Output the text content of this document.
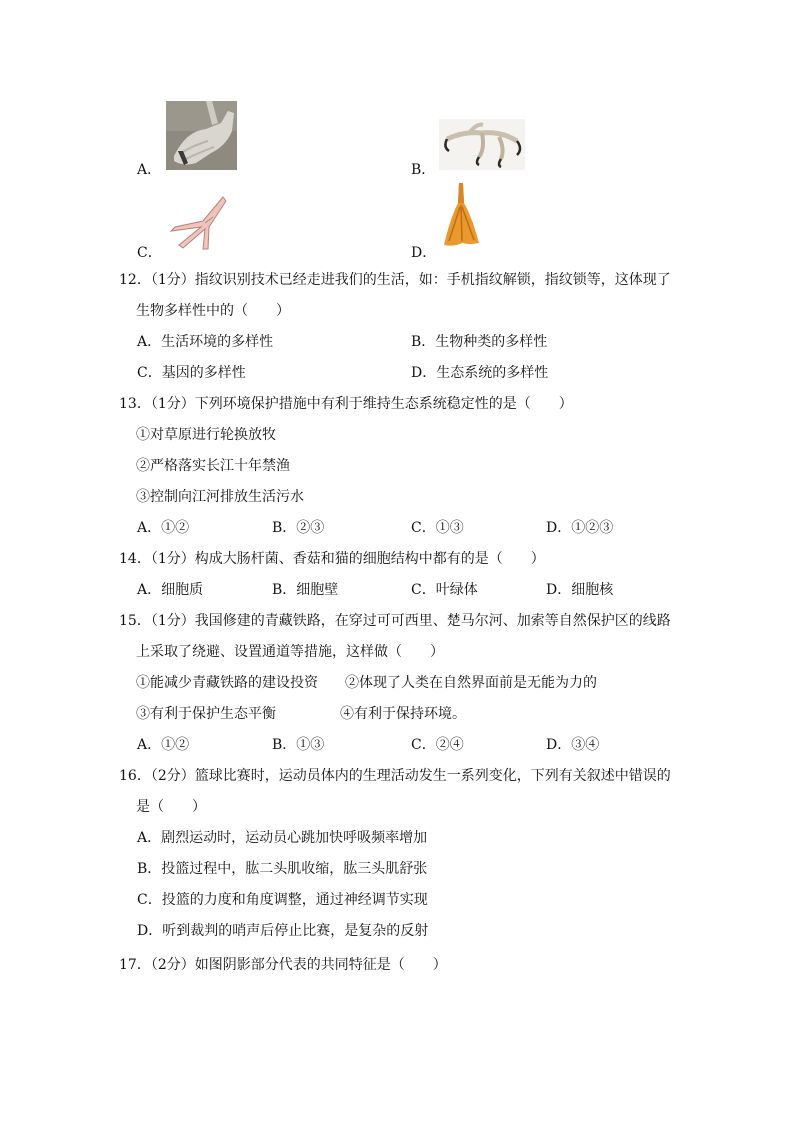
A．	B．
C．	D．
12．（1分）指纹识别技术已经走进我们的生活，如：手机指纹解锁，指纹锁等，这体现了
生物多样性中的（　　）
A．生活环境的多样性	B．生物种类的多样性
C．基因的多样性	D．生态系统的多样性
13．（1分）下列环境保护措施中有利于维持生态系统稳定性的是（　　）
①对草原进行轮换放牧
②严格落实长江十年禁渔
③控制向江河排放生活污水
A．①②	B．②③	C．①③	D．①②③
14．（1分）构成大肠杆菌、香菇和猫的细胞结构中都有的是（　　）
A．细胞质	B．细胞壁	C．叶绿体	D．细胞核
15．（1分）我国修建的青藏铁路，在穿过可可西里、楚马尔河、加索等自然保护区的线路
上采取了绕避、设置通道等措施，这样做（　　）
①能减少青藏铁路的建设投资 ②体现了人类在自然界面前是无能为力的
③有利于保护生态平衡	④有利于保持环境。
A．①②	B．①③	C．②④	D．③④
16．（2分）篮球比赛时，运动员体内的生理活动发生一系列变化，下列有关叙述中错误的
是（　　）
A．剧烈运动时，运动员心跳加快呼吸频率增加
B．投篮过程中，肱二头肌收缩，肱三头肌舒张
C．投篮的力度和角度调整，通过神经调节实现
D．听到裁判的哨声后停止比赛，是复杂的反射
17．（2分）如图阴影部分代表的共同特征是（　　）
